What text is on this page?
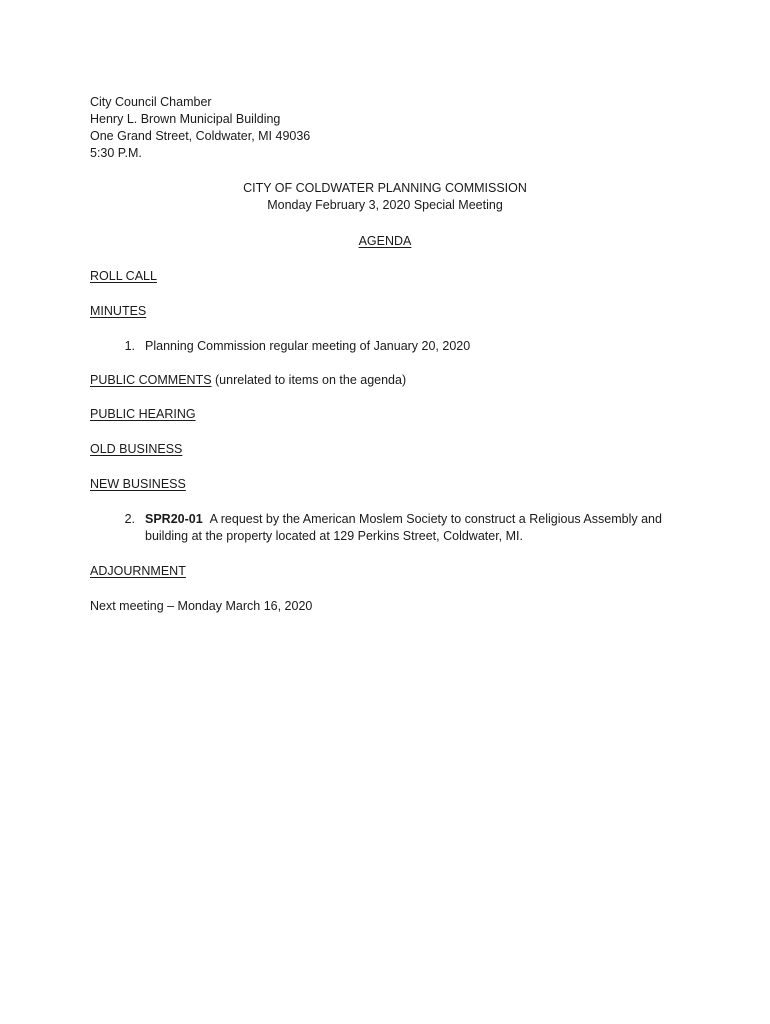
City Council Chamber
Henry L. Brown Municipal Building
One Grand Street, Coldwater, MI 49036
5:30 P.M.
CITY OF COLDWATER PLANNING COMMISSION
Monday February 3, 2020 Special Meeting
AGENDA
ROLL CALL
MINUTES
1. Planning Commission regular meeting of January 20, 2020
PUBLIC COMMENTS (unrelated to items on the agenda)
PUBLIC HEARING
OLD BUSINESS
NEW BUSINESS
2. SPR20-01 A request by the American Moslem Society to construct a Religious Assembly and
building at the property located at 129 Perkins Street, Coldwater, MI.
ADJOURNMENT
Next meeting – Monday March 16, 2020
